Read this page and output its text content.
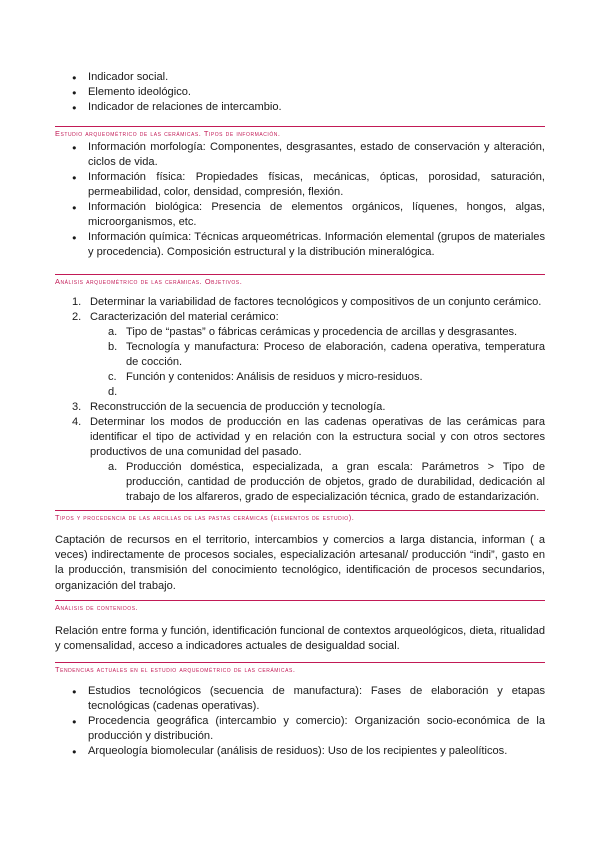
● Indicador social.
● Elemento ideológico.
● Indicador de relaciones de intercambio.
Estudio arqueométrico de las cerámicas. Tipos de información.
● Información morfología: Componentes, desgrasantes, estado de conservación y alteración, ciclos de vida.
● Información física: Propiedades físicas, mecánicas, ópticas, porosidad, saturación, permeabilidad, color, densidad, compresión, flexión.
● Información biológica: Presencia de elementos orgánicos, líquenes, hongos, algas, microorganismos, etc.
● Información química: Técnicas arqueométricas. Información elemental (grupos de materiales y procedencia). Composición estructural y la distribución mineralógica.
Análisis arqueométrico de las cerámicas. Objetivos.
1. Determinar la variabilidad de factores tecnológicos y compositivos de un conjunto cerámico.
2. Caracterización del material cerámico:
a. Tipo de “pastas” o fábricas cerámicas y procedencia de arcillas y desgrasantes.
b. Tecnología y manufactura: Proceso de elaboración, cadena operativa, temperatura de cocción.
c. Función y contenidos: Análisis de residuos y micro-residuos.
d.
3. Reconstrucción de la secuencia de producción y tecnología.
4. Determinar los modos de producción en las cadenas operativas de las cerámicas para identificar el tipo de actividad y en relación con la estructura social y con otros sectores productivos de una comunidad del pasado.
a. Producción doméstica, especializada, a gran escala: Parámetros > Tipo de producción, cantidad de producción de objetos, grado de durabilidad, dedicación al trabajo de los alfareros, grado de especialización técnica, grado de estandarización.
Tipos y procedencia de las arcillas de las pastas cerámicas (elementos de estudio).
Captación de recursos en el territorio, intercambios y comercios a larga distancia, informan ( a veces) indirectamente de procesos sociales, especialización artesanal/ producción “indi”, gasto en la producción, transmisión del conocimiento tecnológico, identificación de procesos secundarios, organización del trabajo.
Análisis de contenidos.
Relación entre forma y función, identificación funcional de contextos arqueológicos, dieta, ritualidad y comensalidad, acceso a indicadores actuales de desigualdad social.
Tendencias actuales en el estudio arqueométrico de las cerámicas.
● Estudios tecnológicos (secuencia de manufactura): Fases de elaboración y etapas tecnológicas (cadenas operativas).
● Procedencia geográfica (intercambio y comercio): Organización socio-económica de la producción y distribución.
● Arqueología biomolecular (análisis de residuos): Uso de los recipientes y paleolíticos.
